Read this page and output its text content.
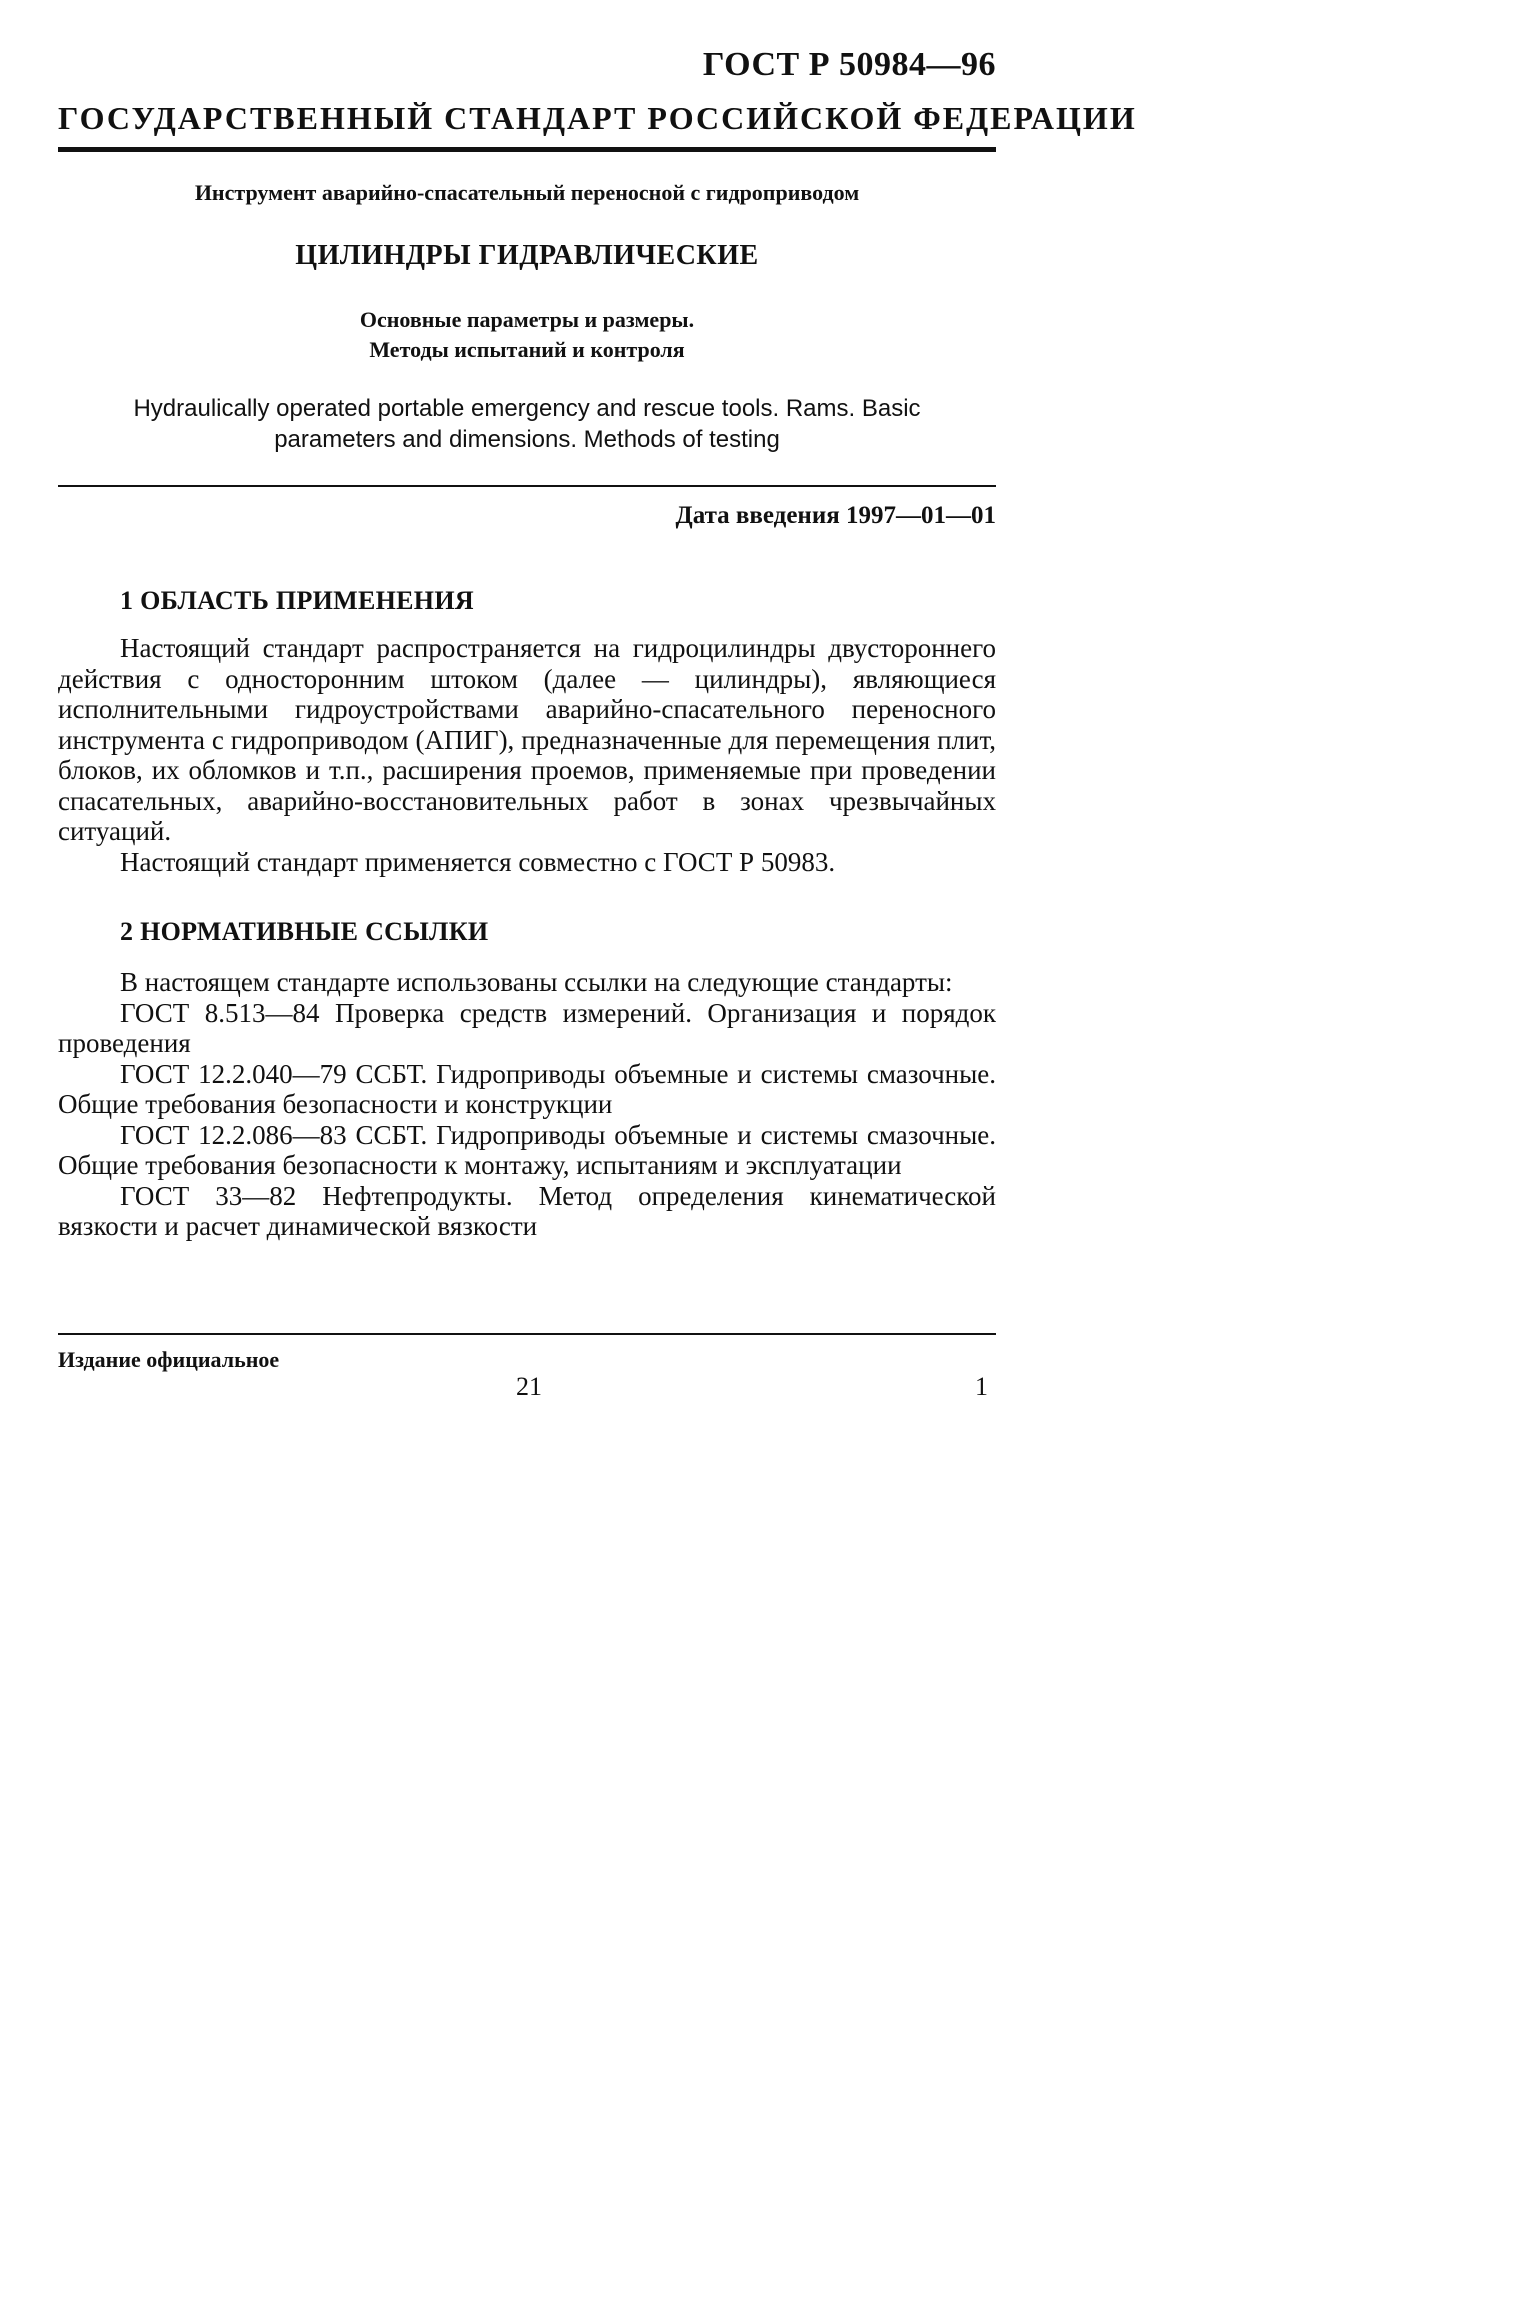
ГОСТ Р 50984—96
ГОСУДАРСТВЕННЫЙ СТАНДАРТ РОССИЙСКОЙ ФЕДЕРАЦИИ
Инструмент аварийно-спасательный переносной с гидроприводом
ЦИЛИНДРЫ ГИДРАВЛИЧЕСКИЕ
Основные параметры и размеры.
Методы испытаний и контроля
Hydraulically operated portable emergency and rescue tools. Rams. Basic
parameters and dimensions. Methods of testing
Дата введения 1997—01—01
1 ОБЛАСТЬ ПРИМЕНЕНИЯ

Настоящий стандарт распространяется на гидроцилиндры двустороннего действия с односторонним штоком (далее — цилиндры), являющиеся исполнительными гидроустройствами аварийно-спасательного переносного инструмента с гидроприводом (АПИГ), предназначенные для перемещения плит, блоков, их обломков и т.п., расширения проемов, применяемые при проведении спасательных, аварийно-восстановительных работ в зонах чрезвычайных ситуаций.

Настоящий стандарт применяется совместно с ГОСТ Р 50983.

2 НОРМАТИВНЫЕ ССЫЛКИ

В настоящем стандарте использованы ссылки на следующие стандарты:

ГОСТ 8.513—84 Проверка средств измерений. Организация и порядок проведения

ГОСТ 12.2.040—79 ССБТ. Гидроприводы объемные и системы смазочные. Общие требования безопасности и конструкции

ГОСТ 12.2.086—83 ССБТ. Гидроприводы объемные и системы смазочные. Общие требования безопасности к монтажу, испытаниям и эксплуатации

ГОСТ 33—82 Нефтепродукты. Метод определения кинематической вязкости и расчет динамической вязкости

Издание официальное
21	1
